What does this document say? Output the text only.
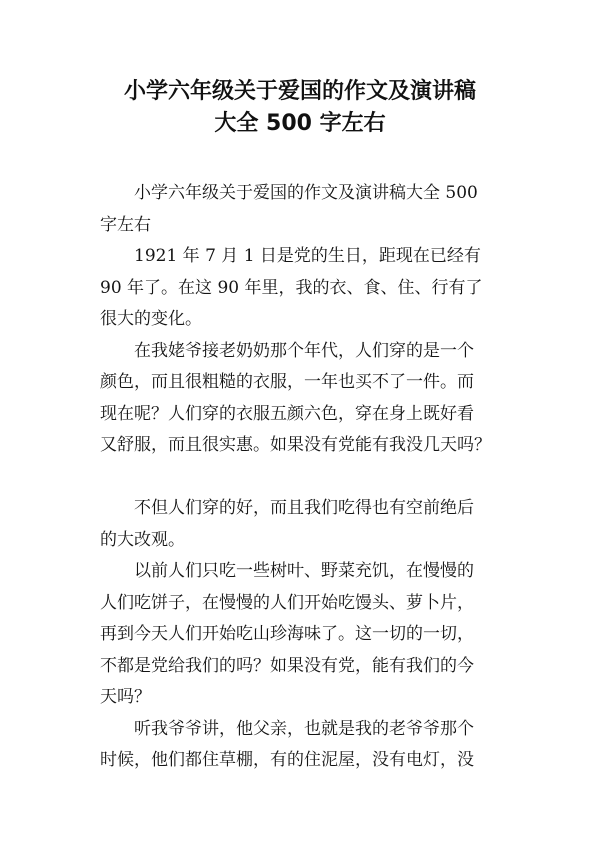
小学六年级关于爱国的作文及演讲稿
大全 500 字左右
小学六年级关于爱国的作文及演讲稿大全 500
字左右
1921 年 7 月 1 日是党的生日，距现在已经有
90 年了。在这 90 年里，我的衣、食、住、行有了
很大的变化。
在我姥爷接老奶奶那个年代，人们穿的是一个
颜色，而且很粗糙的衣服，一年也买不了一件。而
现在呢？人们穿的衣服五颜六色，穿在身上既好看
又舒服，而且很实惠。如果没有党能有我没几天吗？
不但人们穿的好，而且我们吃得也有空前绝后
的大改观。
以前人们只吃一些树叶、野菜充饥，在慢慢的
人们吃饼子，在慢慢的人们开始吃馒头、萝卜片，
再到今天人们开始吃山珍海味了。这一切的一切，
不都是党给我们的吗？如果没有党，能有我们的今
天吗？
听我爷爷讲，他父亲，也就是我的老爷爷那个
时候，他们都住草棚，有的住泥屋，没有电灯，没
